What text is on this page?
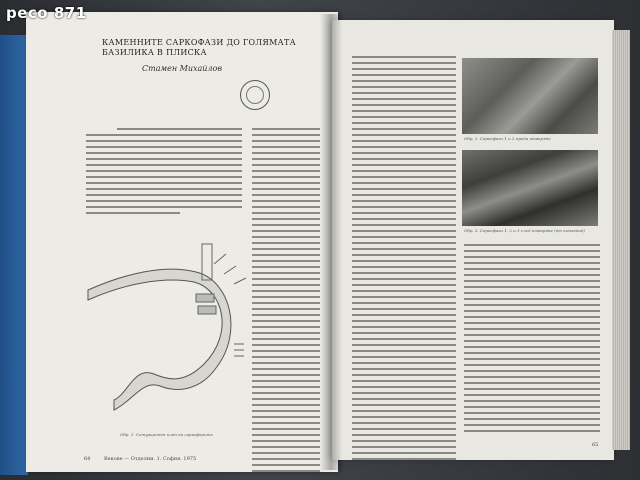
peco 871
КАМЕННИТЕ САРКОФАЗИ ДО ГОЛЯМАТА БАЗИЛИКА В ПЛИСКА
Стамен Михайлов
Обр. 1. Ситуационен план на саркофазите
64	Векове — Отделни. 1. София. 1975
Обр. 2. Саркофази 1 и 2 преди отваряне
Обр. 3. Саркофази 1, 2 и 3 след отваряне (от югозапад)
65
